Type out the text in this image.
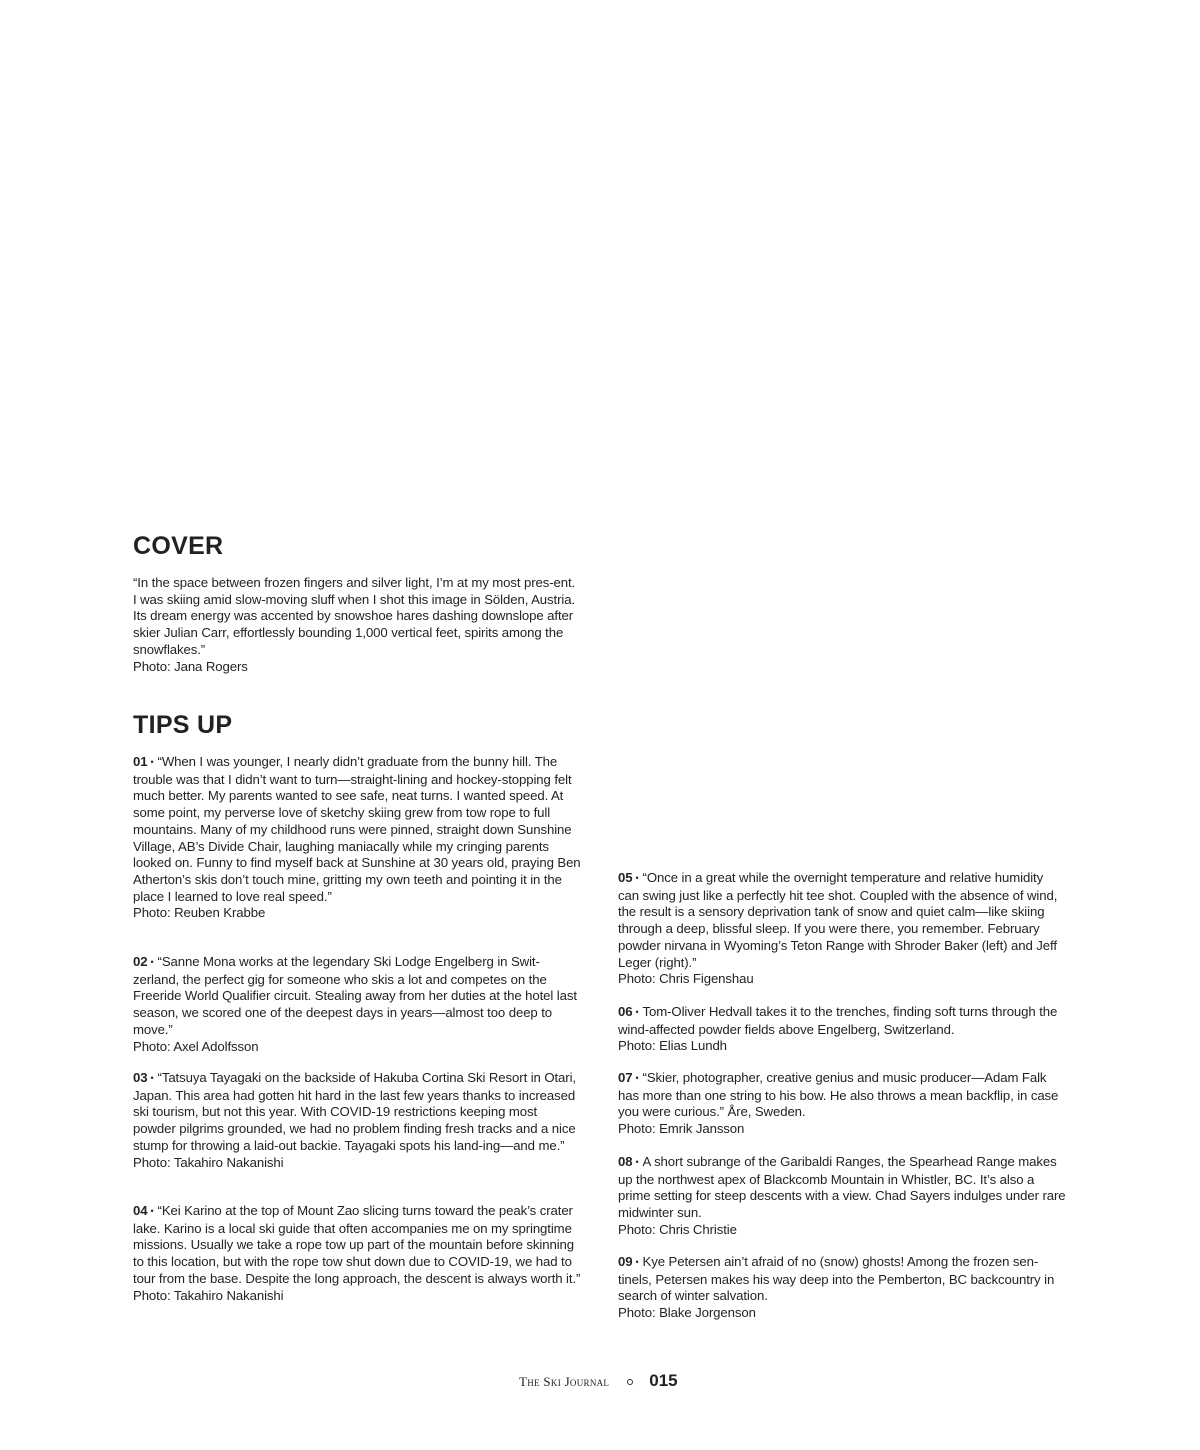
COVER

“In the space between frozen fingers and silver light, I’m at my most pres-ent. I was skiing amid slow-moving sluff when I shot this image in Sölden, Austria. Its dream energy was accented by snowshoe hares dashing downslope after skier Julian Carr, effortlessly bounding 1,000 vertical feet, spirits among the snowflakes.”

Photo: Jana Rogers
TIPS UP

01 • “When I was younger, I nearly didn’t graduate from the bunny hill. The trouble was that I didn’t want to turn—straight-lining and hockey-stopping felt much better. My parents wanted to see safe, neat turns. I wanted speed. At some point, my perverse love of sketchy skiing grew from tow rope to full mountains. Many of my childhood runs were pinned, straight down Sunshine Village, AB’s Divide Chair, laughing maniacally while my cringing parents looked on. Funny to find myself back at Sunshine at 30 years old, praying Ben Atherton’s skis don’t touch mine, gritting my own teeth and pointing it in the place I learned to love real speed.”

Photo: Reuben Krabbe

02 • “Sanne Mona works at the legendary Ski Lodge Engelberg in Swit-zerland, the perfect gig for someone who skis a lot and competes on the Freeride World Qualifier circuit. Stealing away from her duties at the hotel last season, we scored one of the deepest days in years—almost too deep to move.”

Photo: Axel Adolfsson

03 • “Tatsuya Tayagaki on the backside of Hakuba Cortina Ski Resort in Otari, Japan. This area had gotten hit hard in the last few years thanks to increased ski tourism, but not this year. With COVID-19 restrictions keeping most powder pilgrims grounded, we had no problem finding fresh tracks and a nice stump for throwing a laid-out backie. Tayagaki spots his land-ing—and me.”

Photo: Takahiro Nakanishi

04 • “Kei Karino at the top of Mount Zao slicing turns toward the peak’s crater lake. Karino is a local ski guide that often accompanies me on my springtime missions. Usually we take a rope tow up part of the mountain before skinning to this location, but with the rope tow shut down due to COVID-19, we had to tour from the base. Despite the long approach, the descent is always worth it.”

Photo: Takahiro Nakanishi

05 • “Once in a great while the overnight temperature and relative humidity can swing just like a perfectly hit tee shot. Coupled with the absence of wind, the result is a sensory deprivation tank of snow and quiet calm—like skiing through a deep, blissful sleep. If you were there, you remember. February powder nirvana in Wyoming’s Teton Range with Shroder Baker (left) and Jeff Leger (right).”

Photo: Chris Figenshau

06 • Tom-Oliver Hedvall takes it to the trenches, finding soft turns through the wind-affected powder fields above Engelberg, Switzerland.

Photo: Elias Lundh

07 • “Skier, photographer, creative genius and music producer—Adam Falk has more than one string to his bow. He also throws a mean backflip, in case you were curious.” Åre, Sweden.

Photo: Emrik Jansson

08 • A short subrange of the Garibaldi Ranges, the Spearhead Range makes up the northwest apex of Blackcomb Mountain in Whistler, BC. It’s also a prime setting for steep descents with a view. Chad Sayers indulges under rare midwinter sun.

Photo: Chris Christie

09 • Kye Petersen ain’t afraid of no (snow) ghosts! Among the frozen sen-tinels, Petersen makes his way deep into the Pemberton, BC backcountry in search of winter salvation.

Photo: Blake Jorgenson
The Ski Journal 015
